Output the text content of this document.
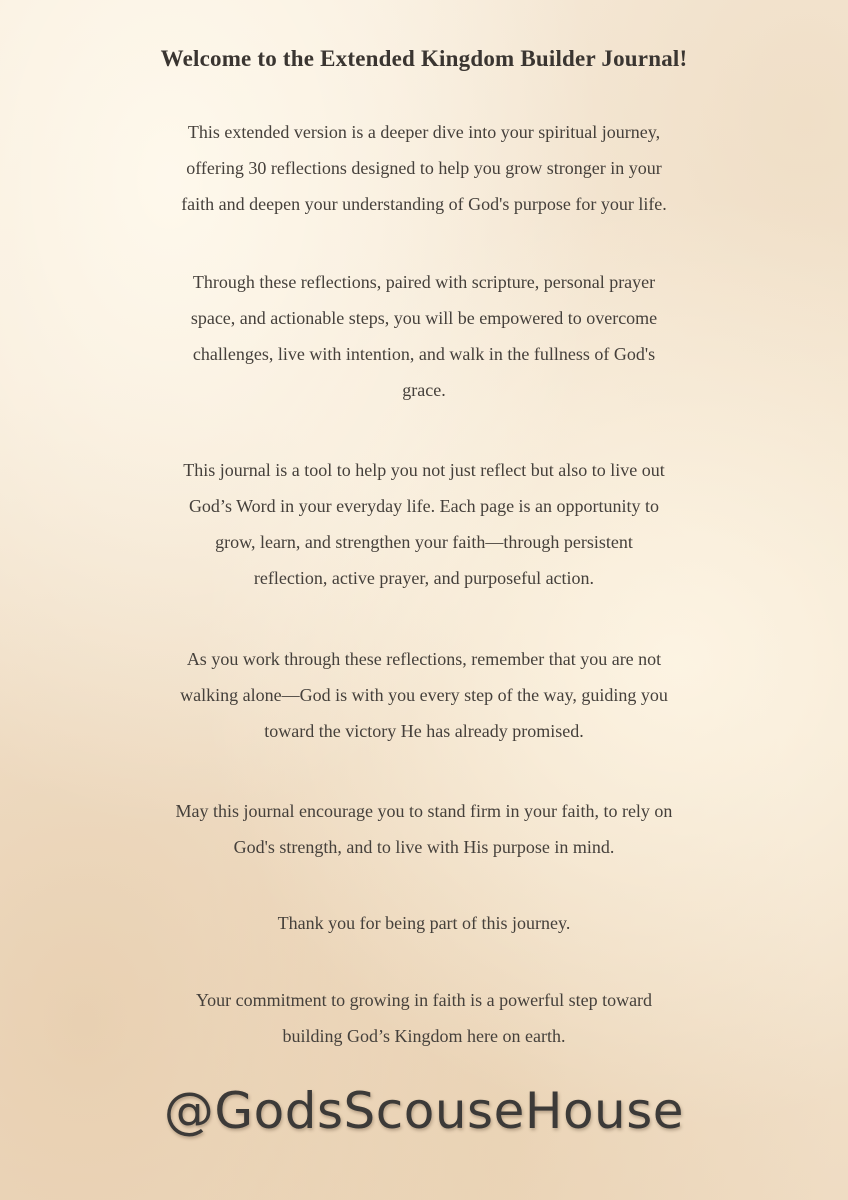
Welcome to the Extended Kingdom Builder Journal!
This extended version is a deeper dive into your spiritual journey,
offering 30 reflections designed to help you grow stronger in your
faith and deepen your understanding of God's purpose for your life.
Through these reflections, paired with scripture, personal prayer
space, and actionable steps, you will be empowered to overcome
challenges, live with intention, and walk in the fullness of God's
grace.
This journal is a tool to help you not just reflect but also to live out
God’s Word in your everyday life. Each page is an opportunity to
grow, learn, and strengthen your faith—through persistent
reflection, active prayer, and purposeful action.
As you work through these reflections, remember that you are not
walking alone—God is with you every step of the way, guiding you
toward the victory He has already promised.
May this journal encourage you to stand firm in your faith, to rely on
God's strength, and to live with His purpose in mind.
Thank you for being part of this journey.
Your commitment to growing in faith is a powerful step toward
building God’s Kingdom here on earth.
@GodsScouseHouse
